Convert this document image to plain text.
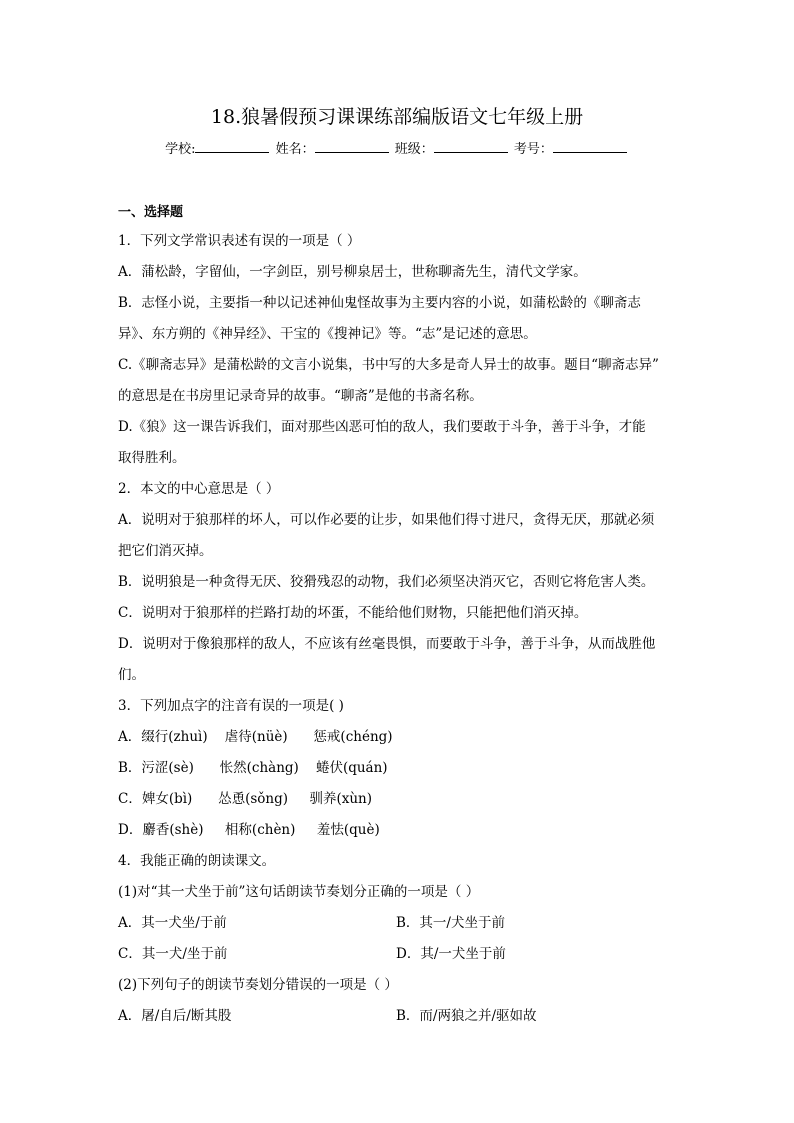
18.狼暑假预习课课练部编版语文七年级上册
学校:	姓名：	班级：	考号：

一、选择题

1．下列文学常识表述有误的一项是（ ）

A．蒲松龄，字留仙，一字剑臣，别号柳泉居士，世称聊斋先生，清代文学家。

B．志怪小说，主要指一种以记述神仙鬼怪故事为主要内容的小说，如蒲松龄的《聊斋志

异》、东方朔的《神异经》、干宝的《搜神记》等。“志”是记述的意思。

C.《聊斋志异》是蒲松龄的文言小说集，书中写的大多是奇人异士的故事。题目“聊斋志异”

的意思是在书房里记录奇异的故事。“聊斋”是他的书斋名称。

D.《狼》这一课告诉我们，面对那些凶恶可怕的敌人，我们要敢于斗争，善于斗争，才能

取得胜利。

2．本文的中心意思是（ ）

A．说明对于狼那样的坏人，可以作必要的让步，如果他们得寸进尺，贪得无厌，那就必须

把它们消灭掉。

B．说明狼是一种贪得无厌、狡猾残忍的动物，我们必须坚决消灭它，否则它将危害人类。

C．说明对于狼那样的拦路打劫的坏蛋，不能给他们财物，只能把他们消灭掉。

D．说明对于像狼那样的敌人，不应该有丝毫畏惧，而要敢于斗争，善于斗争，从而战胜他

们。

3．下列加点字的注音有误的一项是( )

A．缀行(zhuì)    虐待(nüè)      惩戒(chéng)

B．污涩(sè)      怅然(chàng)    蜷伏(quán)

C．婢女(bì)      怂恿(sǒng)     驯养(xùn)

D．麝香(shè)     相称(chèn)     羞怯(què)

4．我能正确的朗读课文。

(1)对“其一犬坐于前”这句话朗读节奏划分正确的一项是（ ）

A．其一犬坐/于前	B．其一/犬坐于前
C．其一犬/坐于前	D．其/一犬坐于前

(2)下列句子的朗读节奏划分错误的一项是（ ）

A．屠/自后/断其股	B．而/两狼之并/驱如故
